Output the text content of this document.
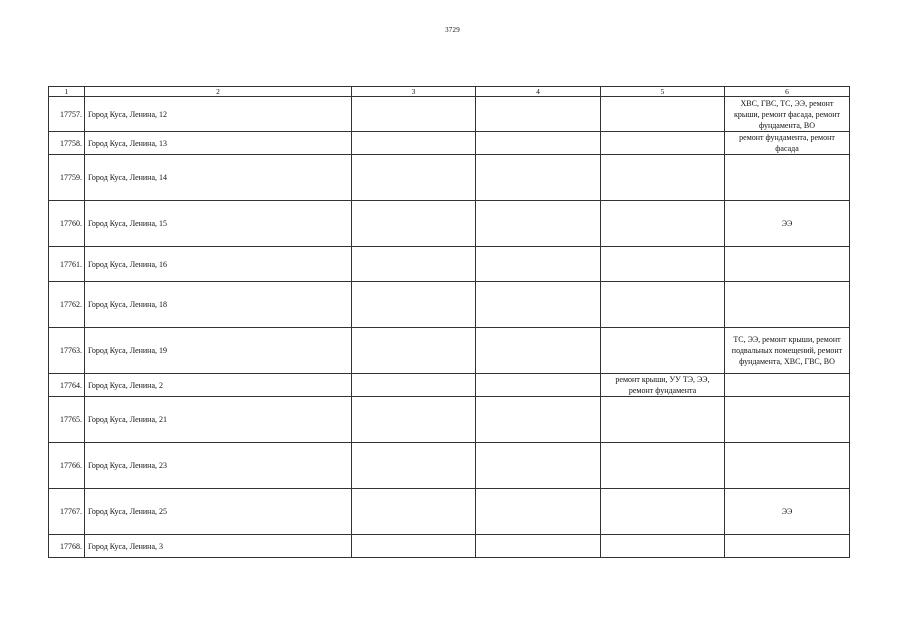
3729
1	2	3	4	5	6
17757.	Город Куса, Ленина, 12				ХВС, ГВС, ТС, ЭЭ, ремонт крыши, ремонт фасада, ремонт фундамента, ВО
17758.	Город Куса, Ленина, 13				ремонт фундамента, ремонт фасада
17759.	Город Куса, Ленина, 14				
17760.	Город Куса, Ленина, 15				ЭЭ
17761.	Город Куса, Ленина, 16				
17762.	Город Куса, Ленина, 18				
17763.	Город Куса, Ленина, 19				ТС, ЭЭ, ремонт крыши, ремонт подвальных помещений, ремонт фундамента, ХВС, ГВС, ВО
17764.	Город Куса, Ленина, 2			ремонт крыши, УУ ТЭ, ЭЭ, ремонт фундамента	
17765.	Город Куса, Ленина, 21				
17766.	Город Куса, Ленина, 23				
17767.	Город Куса, Ленина, 25				ЭЭ
17768.	Город Куса, Ленина, 3				
